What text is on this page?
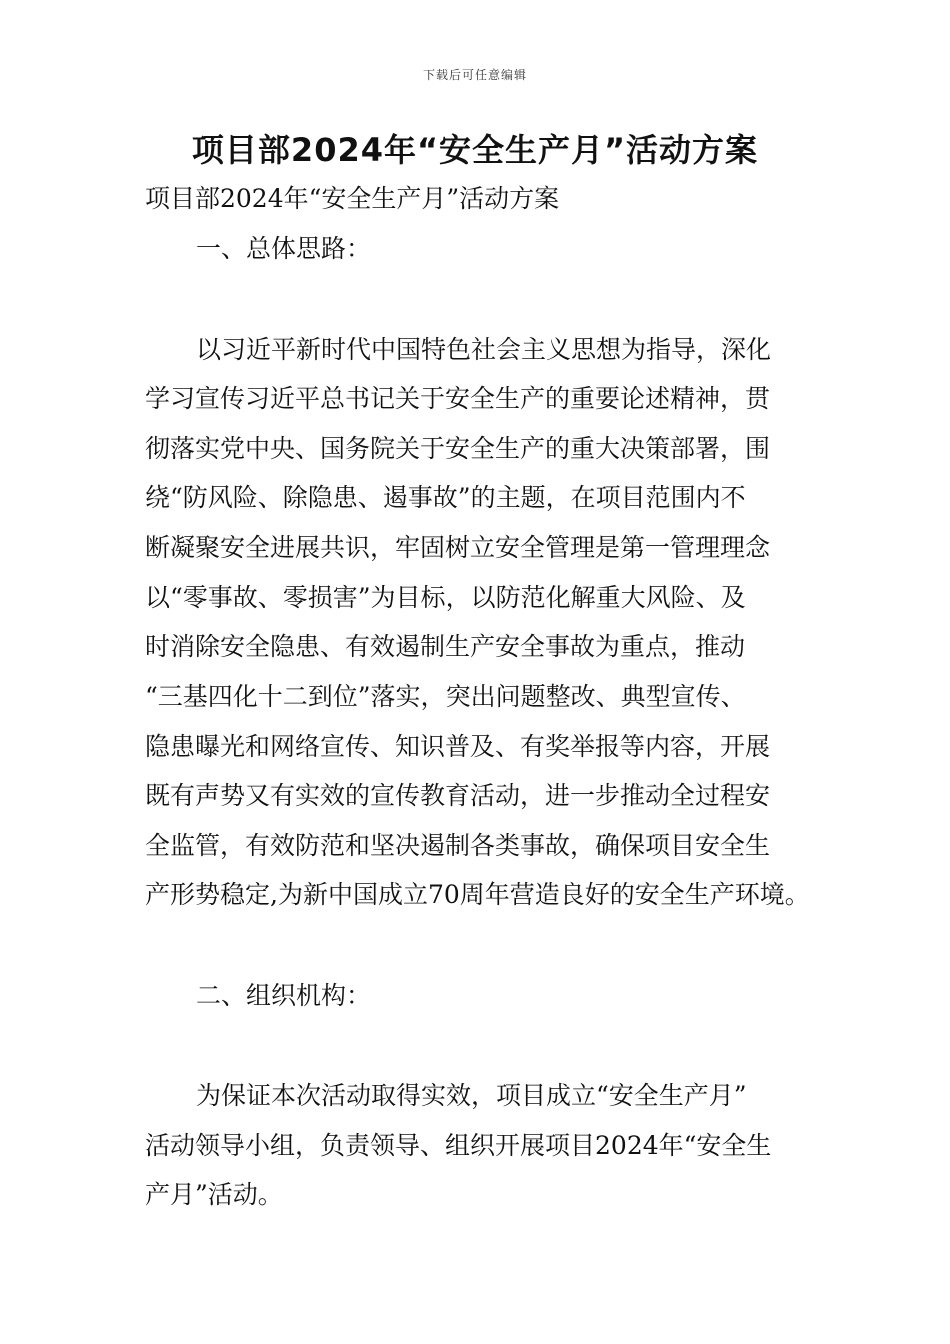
下载后可任意编辑
项目部2024年“安全生产月”活动方案
项目部2024年“安全生产月”活动方案
一、总体思路：
以习近平新时代中国特色社会主义思想为指导，深化
学习宣传习近平总书记关于安全生产的重要论述精神，贯
彻落实党中央、国务院关于安全生产的重大决策部署，围
绕“防风险、除隐患、遏事故”的主题，在项目范围内不
断凝聚安全进展共识，牢固树立安全管理是第一管理理念
以“零事故、零损害”为目标，以防范化解重大风险、及
时消除安全隐患、有效遏制生产安全事故为重点，推动
“三基四化十二到位”落实，突出问题整改、典型宣传、
隐患曝光和网络宣传、知识普及、有奖举报等内容，开展
既有声势又有实效的宣传教育活动，进一步推动全过程安
全监管，有效防范和坚决遏制各类事故，确保项目安全生
产形势稳定,为新中国成立70周年营造良好的安全生产环境。
二、组织机构：
为保证本次活动取得实效，项目成立“安全生产月”
活动领导小组，负责领导、组织开展项目2024年“安全生
产月”活动。
